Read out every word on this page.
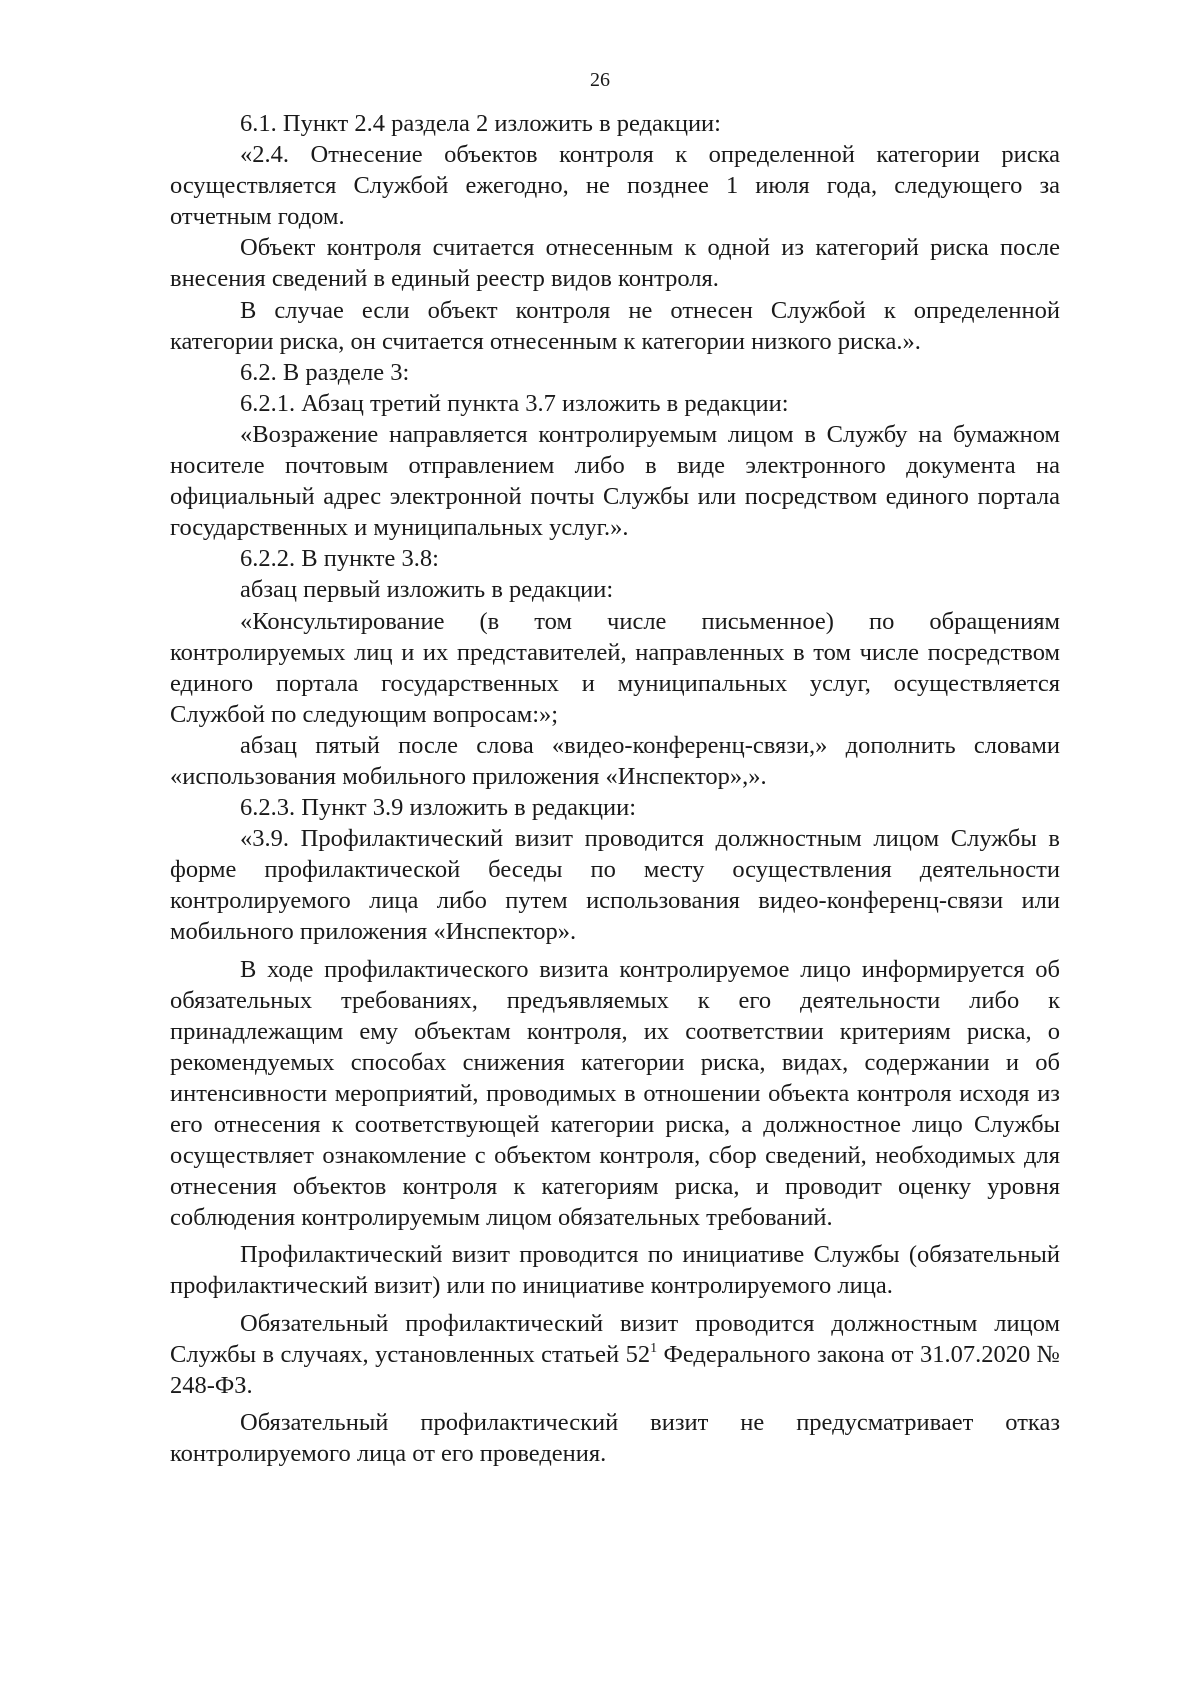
26

6.1. Пункт 2.4 раздела 2 изложить в редакции:

«2.4. Отнесение объектов контроля к определенной категории риска осуществляется Службой ежегодно, не позднее 1 июля года, следующего за отчетным годом.

Объект контроля считается отнесенным к одной из категорий риска после внесения сведений в единый реестр видов контроля.

В случае если объект контроля не отнесен Службой к определенной категории риска, он считается отнесенным к категории низкого риска.».

6.2. В разделе 3:

6.2.1. Абзац третий пункта 3.7 изложить в редакции:

«Возражение направляется контролируемым лицом в Службу на бумажном носителе почтовым отправлением либо в виде электронного документа на официальный адрес электронной почты Службы или посредством единого портала государственных и муниципальных услуг.».

6.2.2. В пункте 3.8:

абзац первый изложить в редакции:

«Консультирование (в том числе письменное) по обращениям контролируемых лиц и их представителей, направленных в том числе посредством единого портала государственных и муниципальных услуг, осуществляется Службой по следующим вопросам:»;

абзац пятый после слова «видео-конференц-связи,» дополнить словами «использования мобильного приложения «Инспектор»,».

6.2.3. Пункт 3.9 изложить в редакции:

«3.9. Профилактический визит проводится должностным лицом Службы в форме профилактической беседы по месту осуществления деятельности контролируемого лица либо путем использования видео-конференц-связи или мобильного приложения «Инспектор».

В ходе профилактического визита контролируемое лицо информируется об обязательных требованиях, предъявляемых к его деятельности либо к принадлежащим ему объектам контроля, их соответствии критериям риска, о рекомендуемых способах снижения категории риска, видах, содержании и об интенсивности мероприятий, проводимых в отношении объекта контроля исходя из его отнесения к соответствующей категории риска, а должностное лицо Службы осуществляет ознакомление с объектом контроля, сбор сведений, необходимых для отнесения объектов контроля к категориям риска, и проводит оценку уровня соблюдения контролируемым лицом обязательных требований.

Профилактический визит проводится по инициативе Службы (обязательный профилактический визит) или по инициативе контролируемого лица.

Обязательный профилактический визит проводится должностным лицом Службы в случаях, установленных статьей $52^1$ Федерального закона от 31.07.2020 № 248-ФЗ.

Обязательный профилактический визит не предусматривает отказ контролируемого лица от его проведения.
